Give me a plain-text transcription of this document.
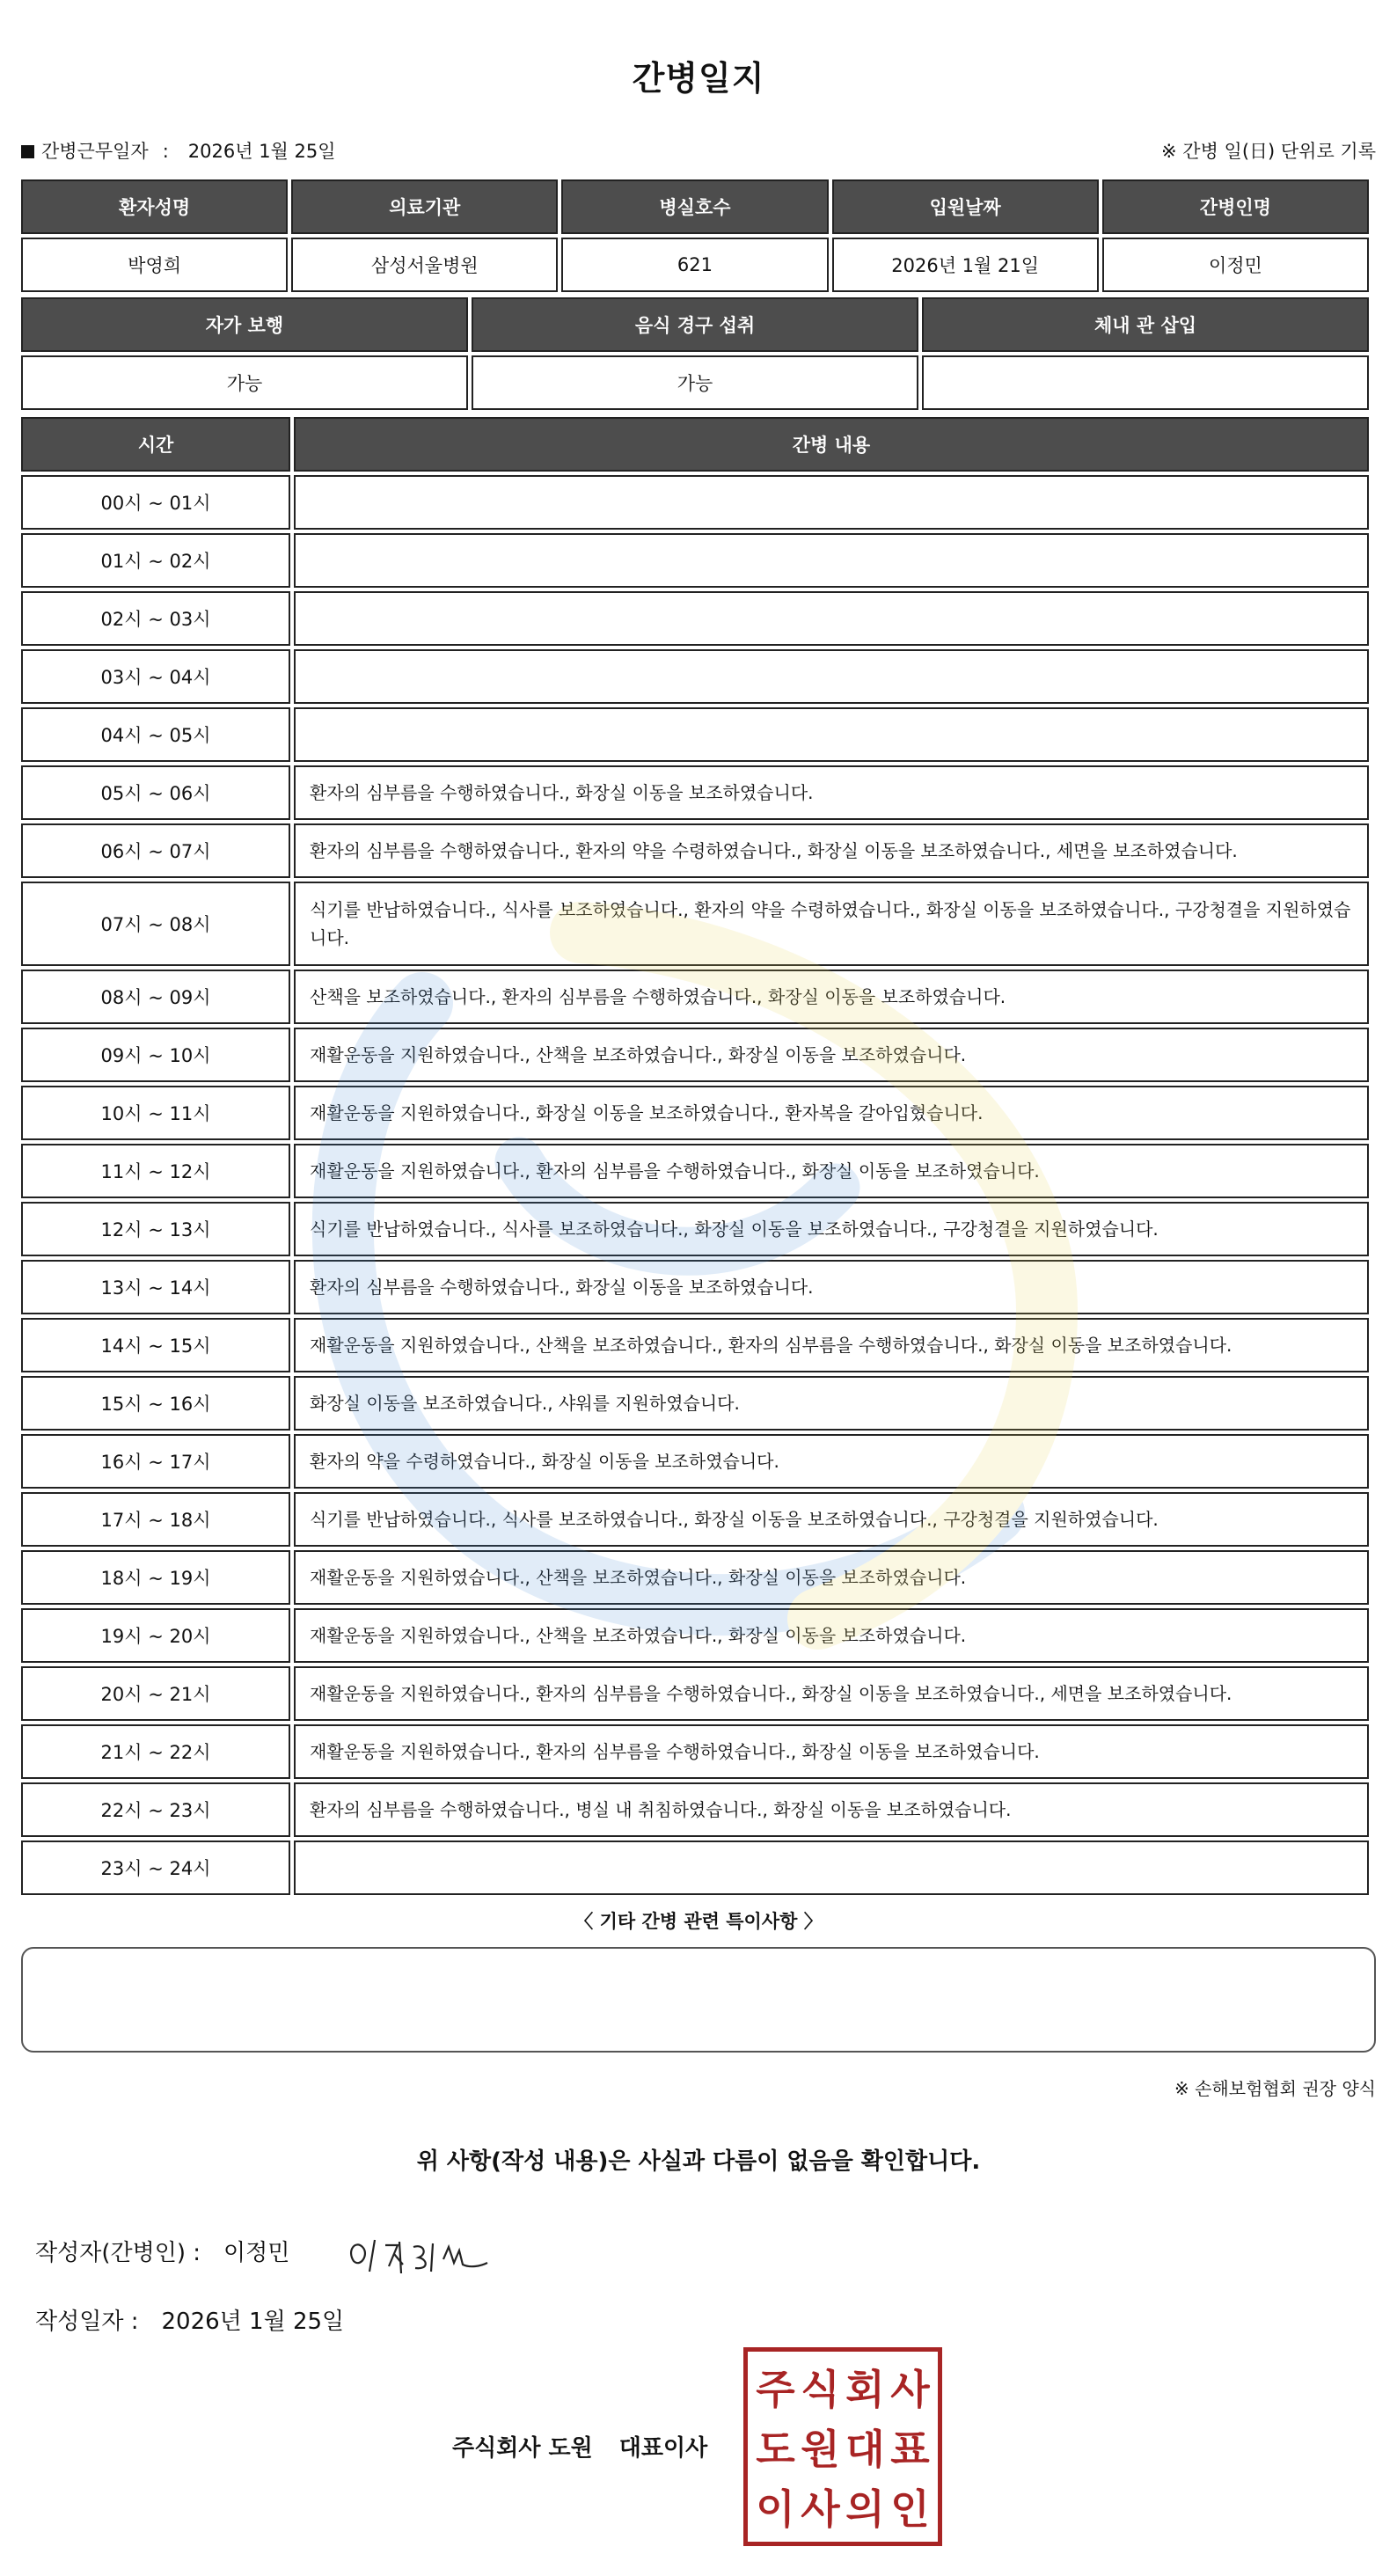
간병일지
간병근무일자 : 2026년 1월 25일	※ 간병 일(日) 단위로 기록
환자성명	의료기관	병실호수	입원날짜	간병인명
박영희	삼성서울병원	621	2026년 1월 21일	이정민
자가 보행	음식 경구 섭취	체내 관 삽입
가능	가능	
시간	간병 내용
00시 ~ 01시	
01시 ~ 02시	
02시 ~ 03시	
03시 ~ 04시	
04시 ~ 05시	
05시 ~ 06시	환자의 심부름을 수행하였습니다., 화장실 이동을 보조하였습니다.
06시 ~ 07시	환자의 심부름을 수행하였습니다., 환자의 약을 수령하였습니다., 화장실 이동을 보조하였습니다., 세면을 보조하였습니다.
07시 ~ 08시	식기를 반납하였습니다., 식사를 보조하였습니다., 환자의 약을 수령하였습니다., 화장실 이동을 보조하였습니다., 구강청결을 지원하였습니다.
08시 ~ 09시	산책을 보조하였습니다., 환자의 심부름을 수행하였습니다., 화장실 이동을 보조하였습니다.
09시 ~ 10시	재활운동을 지원하였습니다., 산책을 보조하였습니다., 화장실 이동을 보조하였습니다.
10시 ~ 11시	재활운동을 지원하였습니다., 화장실 이동을 보조하였습니다., 환자복을 갈아입혔습니다.
11시 ~ 12시	재활운동을 지원하였습니다., 환자의 심부름을 수행하였습니다., 화장실 이동을 보조하였습니다.
12시 ~ 13시	식기를 반납하였습니다., 식사를 보조하였습니다., 화장실 이동을 보조하였습니다., 구강청결을 지원하였습니다.
13시 ~ 14시	환자의 심부름을 수행하였습니다., 화장실 이동을 보조하였습니다.
14시 ~ 15시	재활운동을 지원하였습니다., 산책을 보조하였습니다., 환자의 심부름을 수행하였습니다., 화장실 이동을 보조하였습니다.
15시 ~ 16시	화장실 이동을 보조하였습니다., 샤워를 지원하였습니다.
16시 ~ 17시	환자의 약을 수령하였습니다., 화장실 이동을 보조하였습니다.
17시 ~ 18시	식기를 반납하였습니다., 식사를 보조하였습니다., 화장실 이동을 보조하였습니다., 구강청결을 지원하였습니다.
18시 ~ 19시	재활운동을 지원하였습니다., 산책을 보조하였습니다., 화장실 이동을 보조하였습니다.
19시 ~ 20시	재활운동을 지원하였습니다., 산책을 보조하였습니다., 화장실 이동을 보조하였습니다.
20시 ~ 21시	재활운동을 지원하였습니다., 환자의 심부름을 수행하였습니다., 화장실 이동을 보조하였습니다., 세면을 보조하였습니다.
21시 ~ 22시	재활운동을 지원하였습니다., 환자의 심부름을 수행하였습니다., 화장실 이동을 보조하였습니다.
22시 ~ 23시	환자의 심부름을 수행하였습니다., 병실 내 취침하였습니다., 화장실 이동을 보조하였습니다.
23시 ~ 24시	
〈 기타 간병 관련 특이사항 〉
※ 손해보험협회 권장 양식
위 사항(작성 내용)은 사실과 다름이 없음을 확인합니다.
작성자(간병인) : 이정민
작성일자 : 2026년 1월 25일
주식회사 도원 대표이사
주 식 회 사
도 원 대 표
이 사 의 인
